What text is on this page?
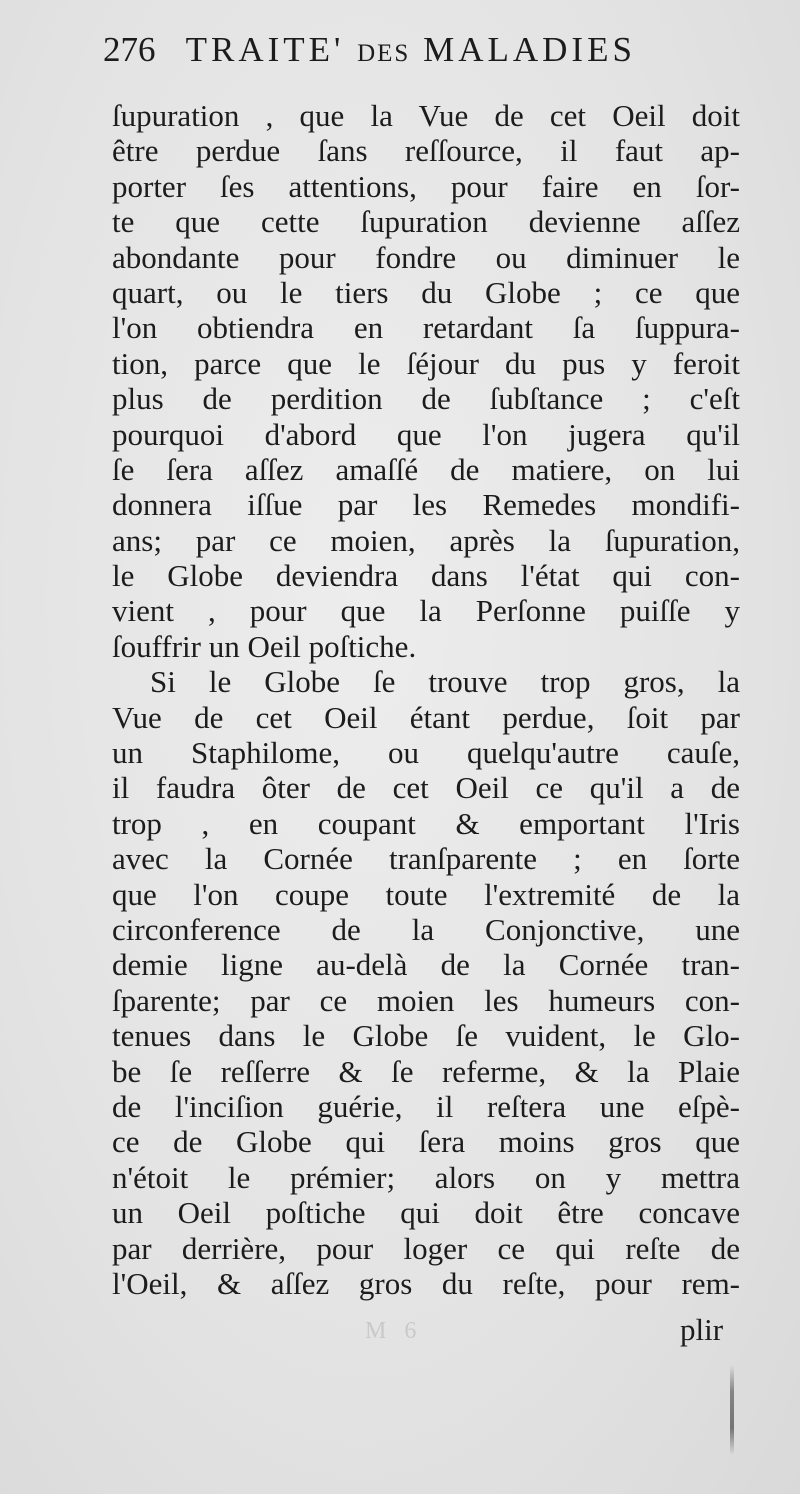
276 TRAITE' DES MALADIES
ſupuration , que la Vue de cet Oeil doit
être perdue ſans reſſource, il faut ap-
porter ſes attentions, pour faire en ſor-
te que cette ſupuration devienne aſſez
abondante pour fondre ou diminuer le
quart, ou le tiers du Globe ; ce que
l'on obtiendra en retardant ſa ſuppura-
tion, parce que le ſéjour du pus y feroit
plus de perdition de ſubſtance ; c'eſt
pourquoi d'abord que l'on jugera qu'il
ſe ſera aſſez amaſſé de matiere, on lui
donnera iſſue par les Remedes mondifi-
ans; par ce moien, après la ſupuration,
le Globe deviendra dans l'état qui con-
vient , pour que la Perſonne puiſſe y
ſouffrir un Oeil poſtiche.
Si le Globe ſe trouve trop gros, la
Vue de cet Oeil étant perdue, ſoit par
un Staphilome, ou quelqu'autre cauſe,
il faudra ôter de cet Oeil ce qu'il a de
trop , en coupant & emportant l'Iris
avec la Cornée tranſparente ; en ſorte
que l'on coupe toute l'extremité de la
circonference de la Conjonctive, une
demie ligne au-delà de la Cornée tran-
ſparente; par ce moien les humeurs con-
tenues dans le Globe ſe vuident, le Glo-
be ſe reſſerre & ſe referme, & la Plaie
de l'inciſion guérie, il reſtera une eſpè-
ce de Globe qui ſera moins gros que
n'étoit le prémier; alors on y mettra
un Oeil poſtiche qui doit être concave
par derrière, pour loger ce qui reſte de
l'Oeil, & aſſez gros du reſte, pour rem-
M 6	plir
